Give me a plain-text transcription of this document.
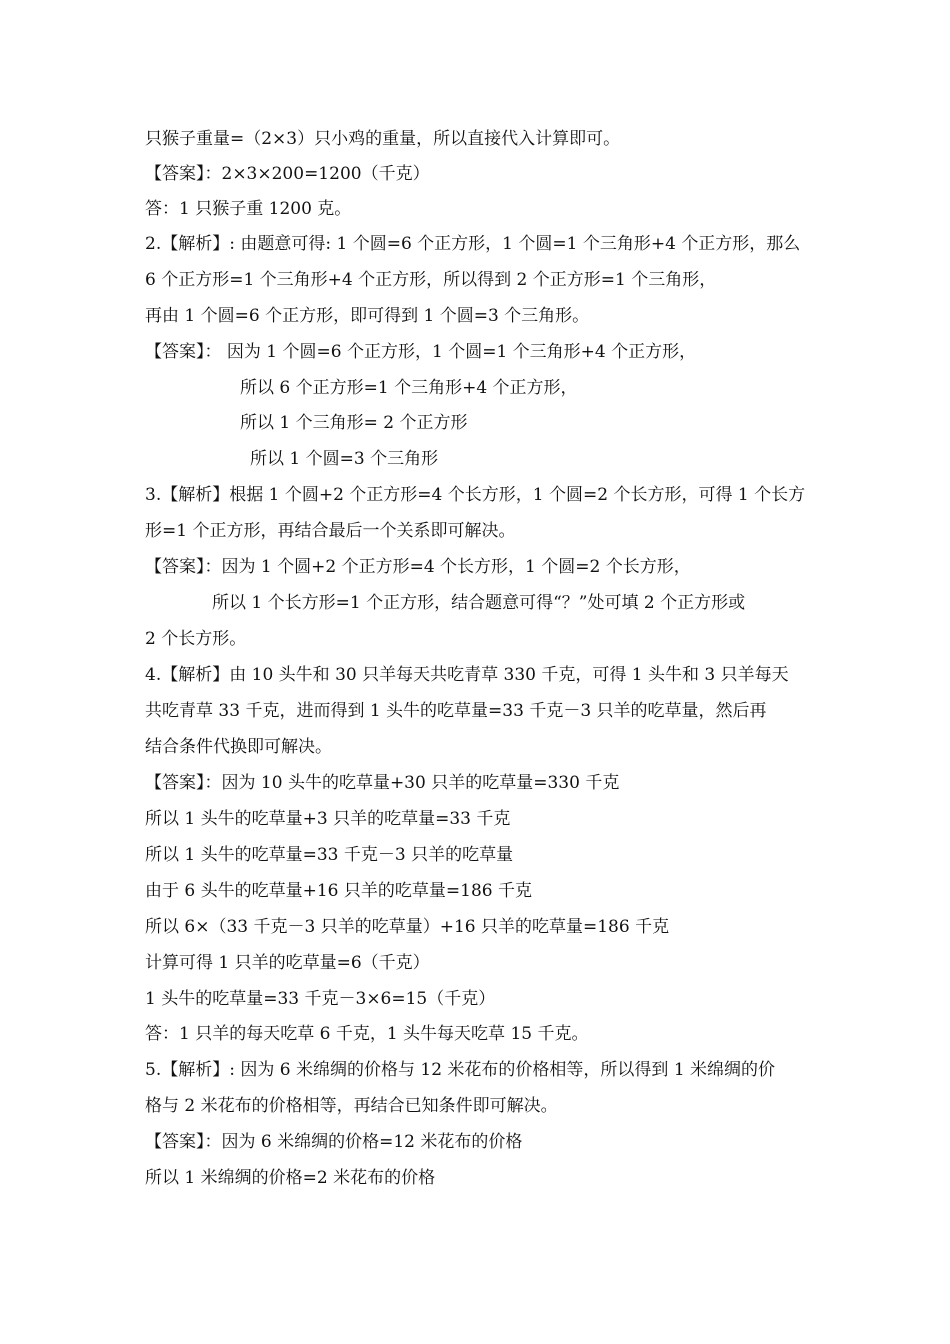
只猴子重量=（2×3）只小鸡的重量，所以直接代入计算即可。
【答案】：2×3×200=1200（千克）
答：1 只猴子重 1200 克。
2.【解析】: 由题意可得: 1 个圆=6 个正方形，1 个圆=1 个三角形+4 个正方形，那么
6 个正方形=1 个三角形+4 个正方形，所以得到 2 个正方形=1 个三角形，
再由 1 个圆=6 个正方形，即可得到 1 个圆=3 个三角形。
【答案】： 因为 1 个圆=6 个正方形，1 个圆=1 个三角形+4 个正方形，
所以 6 个正方形=1 个三角形+4 个正方形，
所以 1 个三角形= 2 个正方形
所以 1 个圆=3 个三角形
3.【解析】根据 1 个圆+2 个正方形=4 个长方形，1 个圆=2 个长方形，可得 1 个长方
形=1 个正方形，再结合最后一个关系即可解决。
【答案】：因为 1 个圆+2 个正方形=4 个长方形，1 个圆=2 个长方形，
所以 1 个长方形=1 个正方形，结合题意可得“？”处可填 2 个正方形或
2 个长方形。
4.【解析】由 10 头牛和 30 只羊每天共吃青草 330 千克，可得 1 头牛和 3 只羊每天
共吃青草 33 千克，进而得到 1 头牛的吃草量=33 千克－3 只羊的吃草量，然后再
结合条件代换即可解决。
【答案】：因为 10 头牛的吃草量+30 只羊的吃草量=330 千克
所以 1 头牛的吃草量+3 只羊的吃草量=33 千克
所以 1 头牛的吃草量=33 千克－3 只羊的吃草量
由于 6 头牛的吃草量+16 只羊的吃草量=186 千克
所以 6×（33 千克－3 只羊的吃草量）+16 只羊的吃草量=186 千克
计算可得 1 只羊的吃草量=6（千克）
1 头牛的吃草量=33 千克－3×6=15（千克）
答：1 只羊的每天吃草 6 千克，1 头牛每天吃草 15 千克。
5.【解析】: 因为 6 米绵绸的价格与 12 米花布的价格相等，所以得到 1 米绵绸的价
格与 2 米花布的价格相等，再结合已知条件即可解决。
【答案】：因为 6 米绵绸的价格=12 米花布的价格
所以 1 米绵绸的价格=2 米花布的价格
